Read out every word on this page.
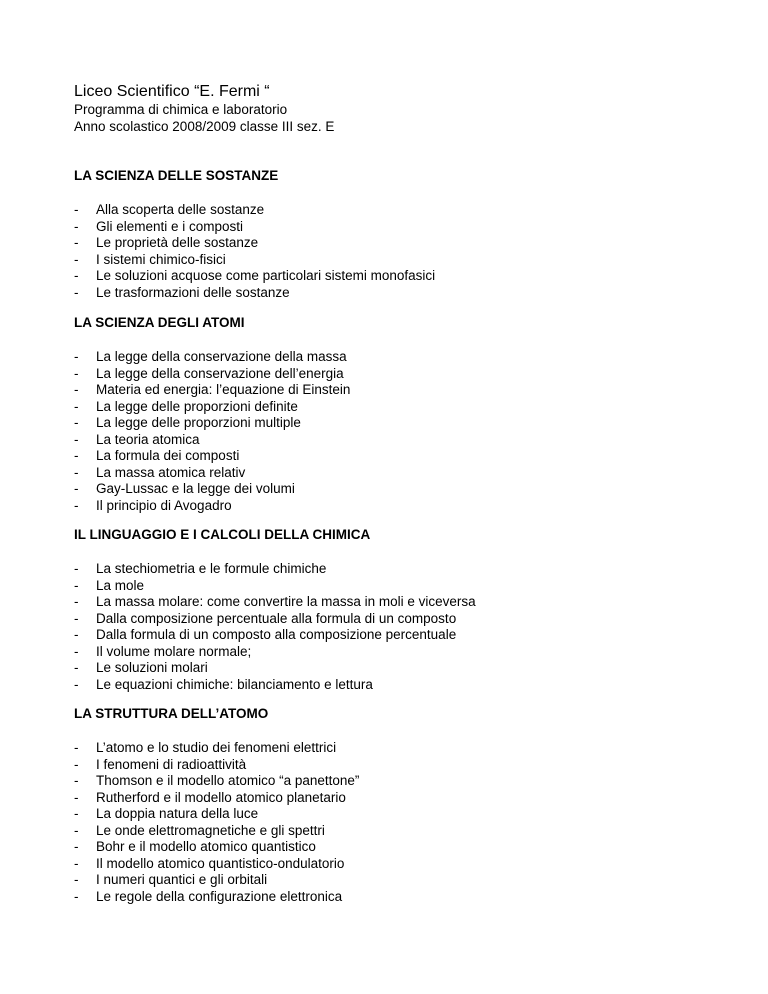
Liceo Scientifico “E. Fermi “
Programma di chimica e laboratorio
Anno scolastico 2008/2009 classe III sez. E
LA SCIENZA DELLE SOSTANZE
- Alla scoperta delle sostanze
- Gli elementi e i composti
- Le proprietà delle sostanze
- I sistemi chimico-fisici
- Le soluzioni acquose come particolari sistemi monofasici
- Le trasformazioni delle sostanze
LA SCIENZA DEGLI ATOMI
- La legge della conservazione della massa
- La legge della conservazione dell’energia
- Materia ed energia: l’equazione di Einstein
- La legge delle proporzioni definite
- La legge delle proporzioni multiple
- La teoria atomica
- La formula dei composti
- La massa atomica relativ
- Gay-Lussac e la legge dei volumi
- Il principio di Avogadro
IL LINGUAGGIO E I CALCOLI DELLA CHIMICA
- La stechiometria e le formule chimiche
- La mole
- La massa molare: come convertire la massa in moli e viceversa
- Dalla composizione percentuale alla formula di un composto
- Dalla formula di un composto alla composizione percentuale
- Il volume molare normale;
- Le soluzioni molari
- Le equazioni chimiche: bilanciamento e lettura
LA STRUTTURA DELL’ATOMO
- L’atomo e lo studio dei fenomeni elettrici
- I fenomeni di radioattività
- Thomson e il modello atomico “a panettone”
- Rutherford e il modello atomico planetario
- La doppia natura della luce
- Le onde elettromagnetiche e gli spettri
- Bohr e il modello atomico quantistico
- Il modello atomico quantistico-ondulatorio
- I numeri quantici e gli orbitali
- Le regole della configurazione elettronica
